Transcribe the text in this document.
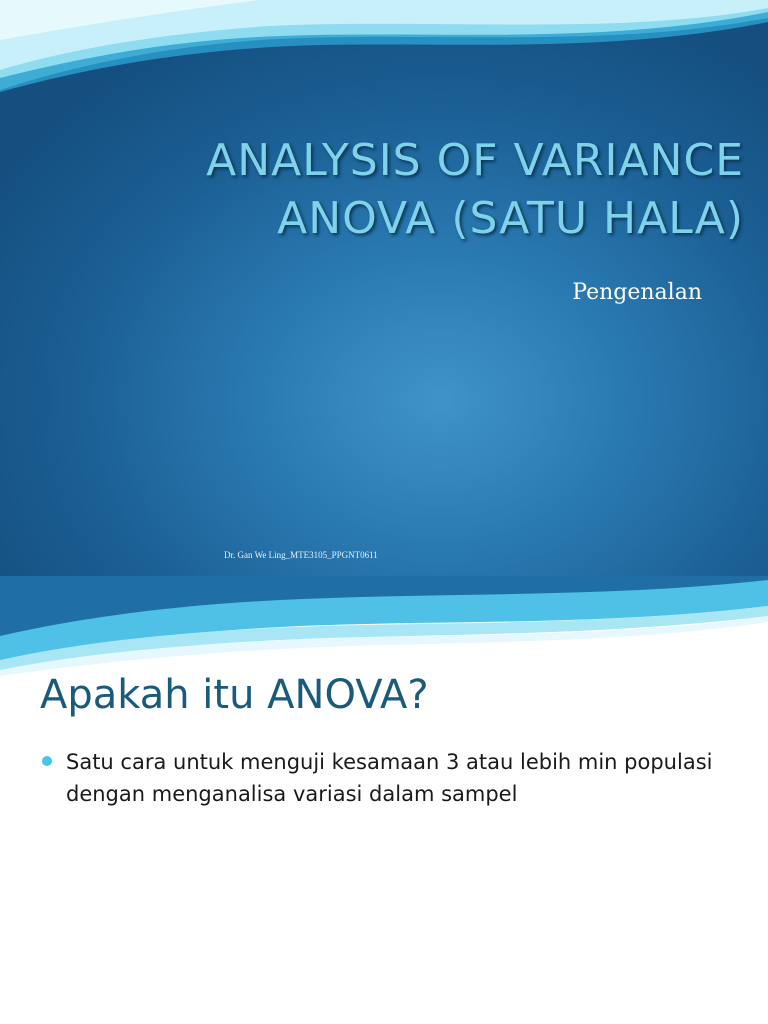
ANALYSIS OF VARIANCE
ANOVA (SATU HALA)

Pengenalan

Dr. Gan We Ling_MTE3105_PPGNT0611

Apakah itu ANOVA?
Satu cara untuk menguji kesamaan 3 atau lebih min populasi dengan menganalisa variasi dalam sampel
